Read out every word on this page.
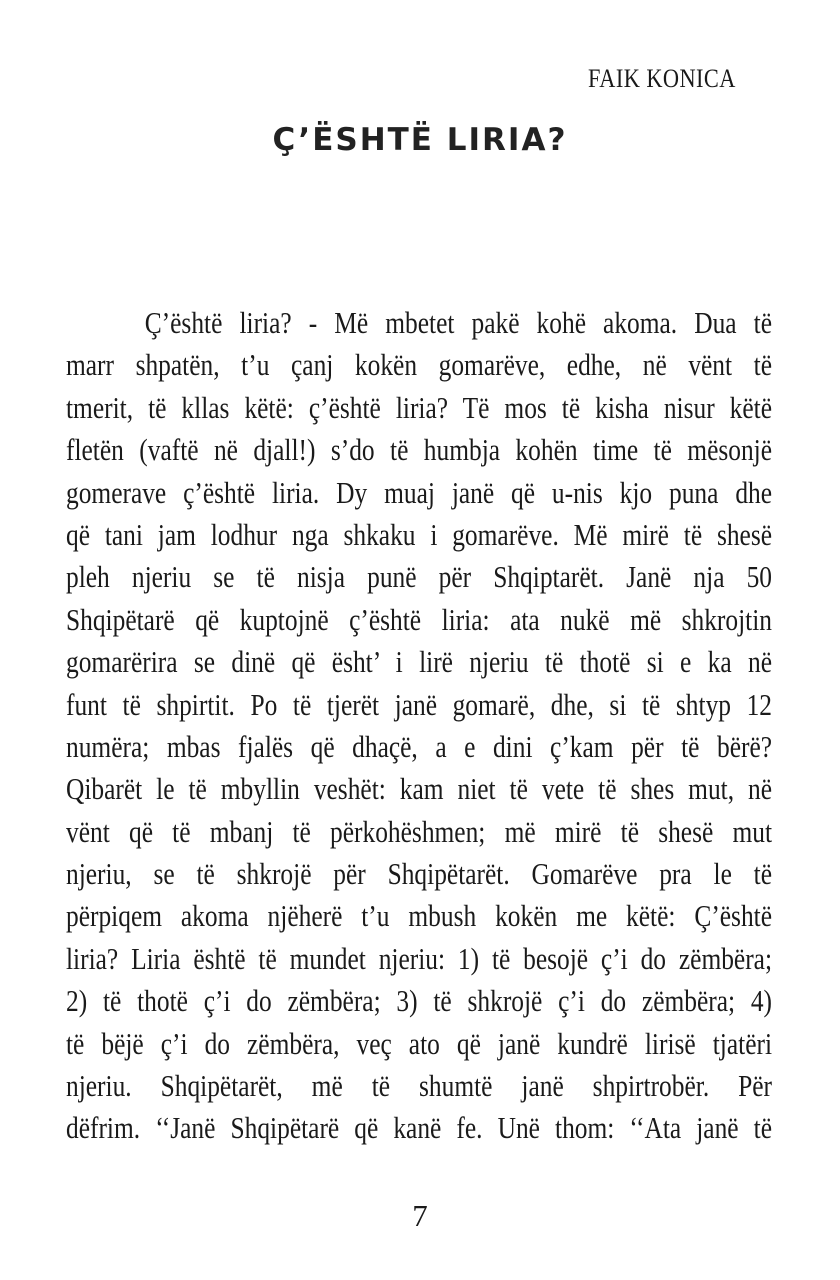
FAIK KONICA
Ç’ËSHTË LIRIA?
Ç’është liria? - Më mbetet pakë kohë akoma. Dua të
marr shpatën, t’u çanj kokën gomarëve, edhe, në vënt të
tmerit, të kllas këtë: ç’është liria? Të mos të kisha nisur këtë
fletën (vaftë në djall!) s’do të humbja kohën time të mësonjë
gomerave ç’është liria. Dy muaj janë që u-nis kjo puna dhe
që tani jam lodhur nga shkaku i gomarëve. Më mirë të shesë
pleh njeriu se të nisja punë për Shqiptarët. Janë nja 50
Shqipëtarë që kuptojnë ç’është liria: ata nukë më shkrojtin
gomarërira se dinë që ësht’ i lirë njeriu të thotë si e ka në
funt të shpirtit. Po të tjerët janë gomarë, dhe, si të shtyp 12
numëra; mbas fjalës që dhaçë, a e dini ç’kam për të bërë?
Qibarët le të mbyllin veshët: kam niet të vete të shes mut, në
vënt që të mbanj të përkohëshmen; më mirë të shesë mut
njeriu, se të shkrojë për Shqipëtarët. Gomarëve pra le të
përpiqem akoma njëherë t’u mbush kokën me këtë: Ç’është
liria? Liria është të mundet njeriu: 1) të besojë ç’i do zëmbëra;
2) të thotë ç’i do zëmbëra; 3) të shkrojë ç’i do zëmbëra; 4)
të bëjë ç’i do zëmbëra, veç ato që janë kundrë lirisë tjatëri
njeriu. Shqipëtarët, më të shumtë janë shpirtrobër. Për
dëfrim. ‘‘Janë Shqipëtarë që kanë fe. Unë thom: ‘‘Ata janë të
7
